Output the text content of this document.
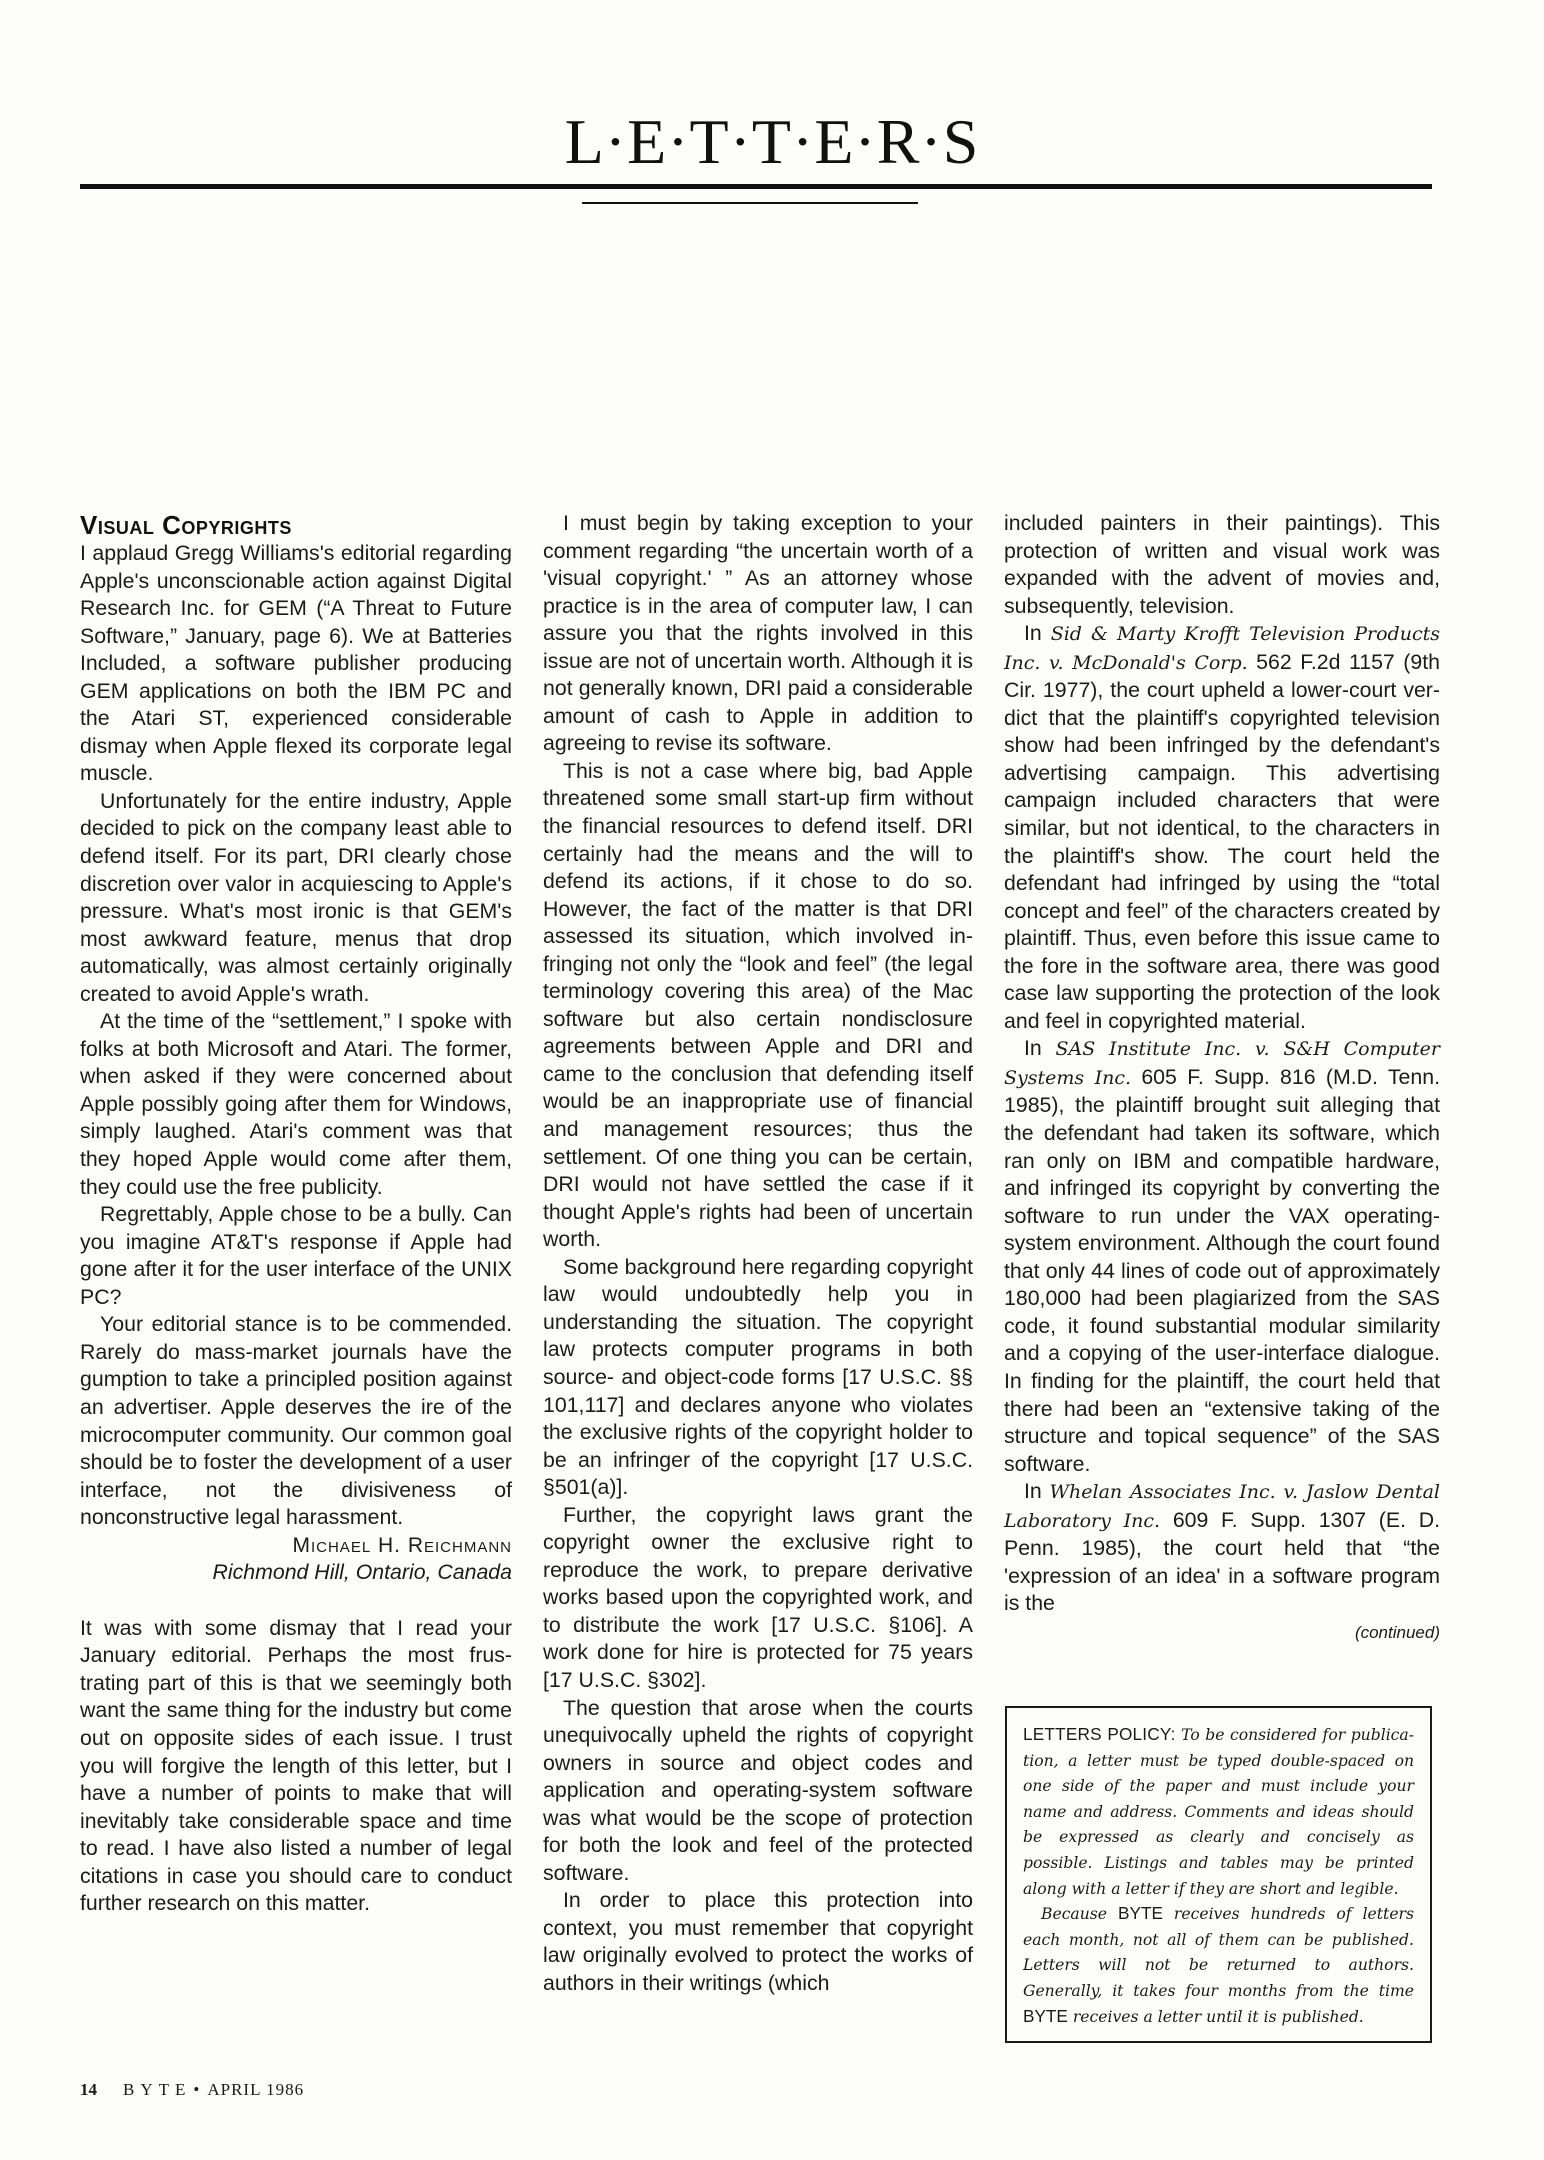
L·E·T·T·E·R·S
Visual Copyrights

I applaud Gregg Williams's editorial regarding Apple's unconscionable action against Digital Research Inc. for GEM (“A Threat to Future Software,” January, page 6). We at Batteries Included, a software publisher producing GEM applications on both the IBM PC and the Atari ST, experienced considerable dismay when Apple flexed its corporate legal muscle.

Unfortunately for the entire industry, Apple decided to pick on the company least able to defend itself. For its part, DRI clearly chose discretion over valor in acquiescing to Apple's pressure. What's most ironic is that GEM's most awkward feature, menus that drop automatically, was almost certainly originally created to avoid Apple's wrath.

At the time of the “settlement,” I spoke with folks at both Microsoft and Atari. The former, when asked if they were concerned about Apple possibly going after them for Windows, simply laughed. Atari's comment was that they hoped Apple would come after them, they could use the free publicity.

Regrettably, Apple chose to be a bully. Can you imagine AT&T's response if Apple had gone after it for the user interface of the UNIX PC?

Your editorial stance is to be commended. Rarely do mass-market journals have the gumption to take a principled position against an advertiser. Apple deserves the ire of the microcomputer community. Our common goal should be to foster the development of a user interface, not the divisiveness of nonconstructive legal harassment.

Michael H. Reichmann
Richmond Hill, Ontario, Canada

It was with some dismay that I read your January editorial. Perhaps the most frustrating part of this is that we seemingly both want the same thing for the industry but come out on opposite sides of each issue. I trust you will forgive the length of this letter, but I have a number of points to make that will inevitably take considerable space and time to read. I have also listed a number of legal citations in case you should care to conduct further research on this matter.

I must begin by taking exception to your comment regarding “the uncertain worth of a 'visual copyright.' ” As an attorney whose practice is in the area of computer law, I can assure you that the rights involved in this issue are not of uncertain worth. Although it is not generally known, DRI paid a considerable amount of cash to Apple in addition to agreeing to revise its software.

This is not a case where big, bad Apple threatened some small start-up firm without the financial resources to defend itself. DRI certainly had the means and the will to defend its actions, if it chose to do so. However, the fact of the matter is that DRI assessed its situation, which involved infringing not only the “look and feel” (the legal terminology covering this area) of the Mac software but also certain nondisclosure agreements between Apple and DRI and came to the conclusion that defending itself would be an inappropriate use of financial and management resources; thus the settlement. Of one thing you can be certain, DRI would not have settled the case if it thought Apple's rights had been of uncertain worth.

Some background here regarding copyright law would undoubtedly help you in understanding the situation. The copyright law protects computer programs in both source- and object-code forms [17 U.S.C. §§ 101,117] and declares anyone who violates the exclusive rights of the copyright holder to be an infringer of the copyright [17 U.S.C. §501(a)].

Further, the copyright laws grant the copyright owner the exclusive right to reproduce the work, to prepare derivative works based upon the copyrighted work, and to distribute the work [17 U.S.C. §106]. A work done for hire is protected for 75 years [17 U.S.C. §302].

The question that arose when the courts unequivocally upheld the rights of copyright owners in source and object codes and application and operating-system software was what would be the scope of protection for both the look and feel of the protected software.

In order to place this protection into context, you must remember that copyright law originally evolved to protect the works of authors in their writings (which

included painters in their paintings). This protection of written and visual work was expanded with the advent of movies and, subsequently, television.

In Sid & Marty Krofft Television Products Inc. v. McDonald's Corp. 562 F.2d 1157 (9th Cir. 1977), the court upheld a lower-court verdict that the plaintiff's copyrighted television show had been infringed by the defendant's advertising campaign. This advertising campaign included characters that were similar, but not identical, to the characters in the plaintiff's show. The court held the defendant had infringed by using the “total concept and feel” of the characters created by plaintiff. Thus, even before this issue came to the fore in the software area, there was good case law supporting the protection of the look and feel in copyrighted material.

In SAS Institute Inc. v. S&H Computer Systems Inc. 605 F. Supp. 816 (M.D. Tenn. 1985), the plaintiff brought suit alleging that the defendant had taken its software, which ran only on IBM and compatible hardware, and infringed its copyright by converting the software to run under the VAX operating-system environment. Although the court found that only 44 lines of code out of approximately 180,000 had been plagiarized from the SAS code, it found substantial modular similarity and a copying of the user-interface dialogue. In finding for the plaintiff, the court held that there had been an “extensive taking of the structure and topical sequence” of the SAS software.

In Whelan Associates Inc. v. Jaslow Dental Laboratory Inc. 609 F. Supp. 1307 (E. D. Penn. 1985), the court held that “the 'expression of an idea' in a software program is the

(continued)

LETTERS POLICY: To be considered for publication, a letter must be typed double-spaced on one side of the paper and must include your name and address. Comments and ideas should be expressed as clearly and concisely as possible. Listings and tables may be printed along with a letter if they are short and legible.

Because BYTE receives hundreds of letters each month, not all of them can be published. Letters will not be returned to authors. Generally, it takes four months from the time BYTE receives a letter until it is published.

14 BYTE • APRIL 1986
